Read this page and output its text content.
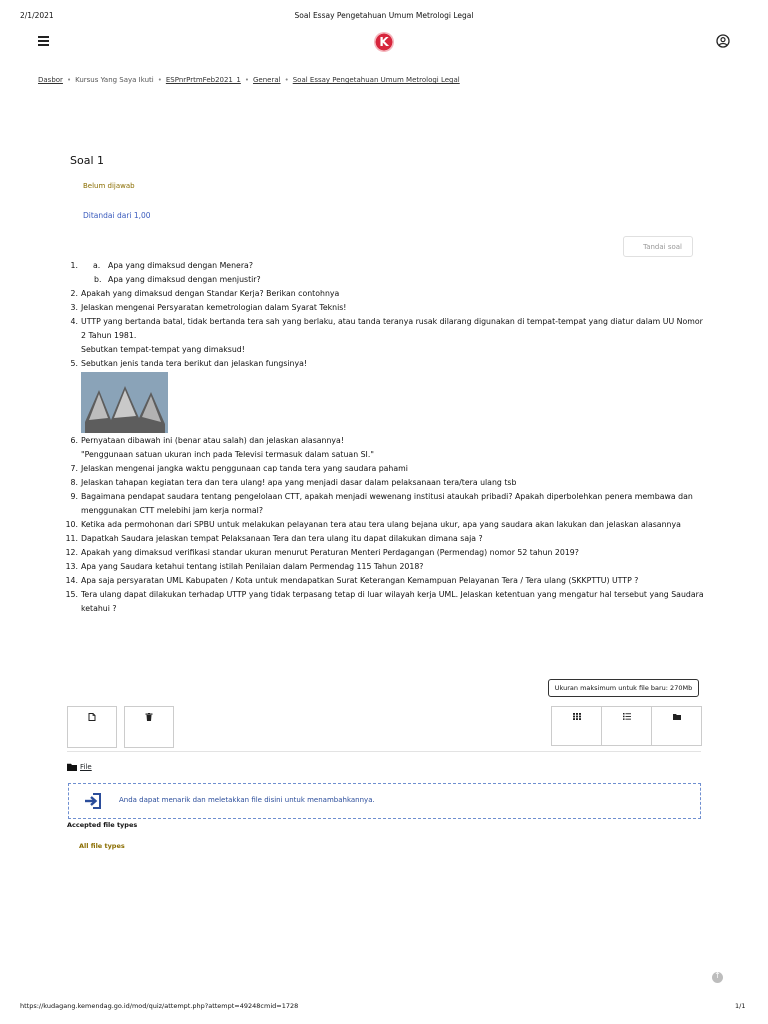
2/1/2021	Soal Essay Pengetahuan Umum Metrologi Legal
K
Dasbor • Kursus Yang Saya Ikuti • ESPnrPrtmFeb2021_1 • General • Soal Essay Pengetahuan Umum Metrologi Legal
Soal 1
Belum dijawab
Ditandai dari 1,00
Tandai soal
1. a. Apa yang dimaksud dengan Menera?
b. Apa yang dimaksud dengan menjustir?
2. Apakah yang dimaksud dengan Standar Kerja? Berikan contohnya
3. Jelaskan mengenai Persyaratan kemetrologian dalam Syarat Teknis!
4. UTTP yang bertanda batal, tidak bertanda tera sah yang berlaku, atau tanda teranya rusak dilarang digunakan di tempat-tempat yang diatur dalam UU Nomor 2 Tahun 1981.
Sebutkan tempat-tempat yang dimaksud!
5. Sebutkan jenis tanda tera berikut dan jelaskan fungsinya!
6. Pernyataan dibawah ini (benar atau salah) dan jelaskan alasannya!
"Penggunaan satuan ukuran inch pada Televisi termasuk dalam satuan SI."
7. Jelaskan mengenai jangka waktu penggunaan cap tanda tera yang saudara pahami
8. Jelaskan tahapan kegiatan tera dan tera ulang! apa yang menjadi dasar dalam pelaksanaan tera/tera ulang tsb
9. Bagaimana pendapat saudara tentang pengelolaan CTT, apakah menjadi wewenang institusi ataukah pribadi? Apakah diperbolehkan penera membawa dan menggunakan CTT melebihi jam kerja normal?
10. Ketika ada permohonan dari SPBU untuk melakukan pelayanan tera atau tera ulang bejana ukur, apa yang saudara akan lakukan dan jelaskan alasannya
11. Dapatkah Saudara jelaskan tempat Pelaksanaan Tera dan tera ulang itu dapat dilakukan dimana saja ?
12. Apakah yang dimaksud verifikasi standar ukuran menurut Peraturan Menteri Perdagangan (Permendag) nomor 52 tahun 2019?
13. Apa yang Saudara ketahui tentang istilah Penilaian dalam Permendag 115 Tahun 2018?
14. Apa saja persyaratan UML Kabupaten / Kota untuk mendapatkan Surat Keterangan Kemampuan Pelayanan Tera / Tera ulang (SKKPTTU) UTTP ?
15. Tera ulang dapat dilakukan terhadap UTTP yang tidak terpasang tetap di luar wilayah kerja UML. Jelaskan ketentuan yang mengatur hal tersebut yang Saudara ketahui ?
Ukuran maksimum untuk file baru: 270Mb
File
Anda dapat menarik dan meletakkan file disini untuk menambahkannya.
Accepted file types
All file types
↑
https://kudagang.kemendag.go.id/mod/quiz/attempt.php?attempt=49248cmid=1728	1/1
